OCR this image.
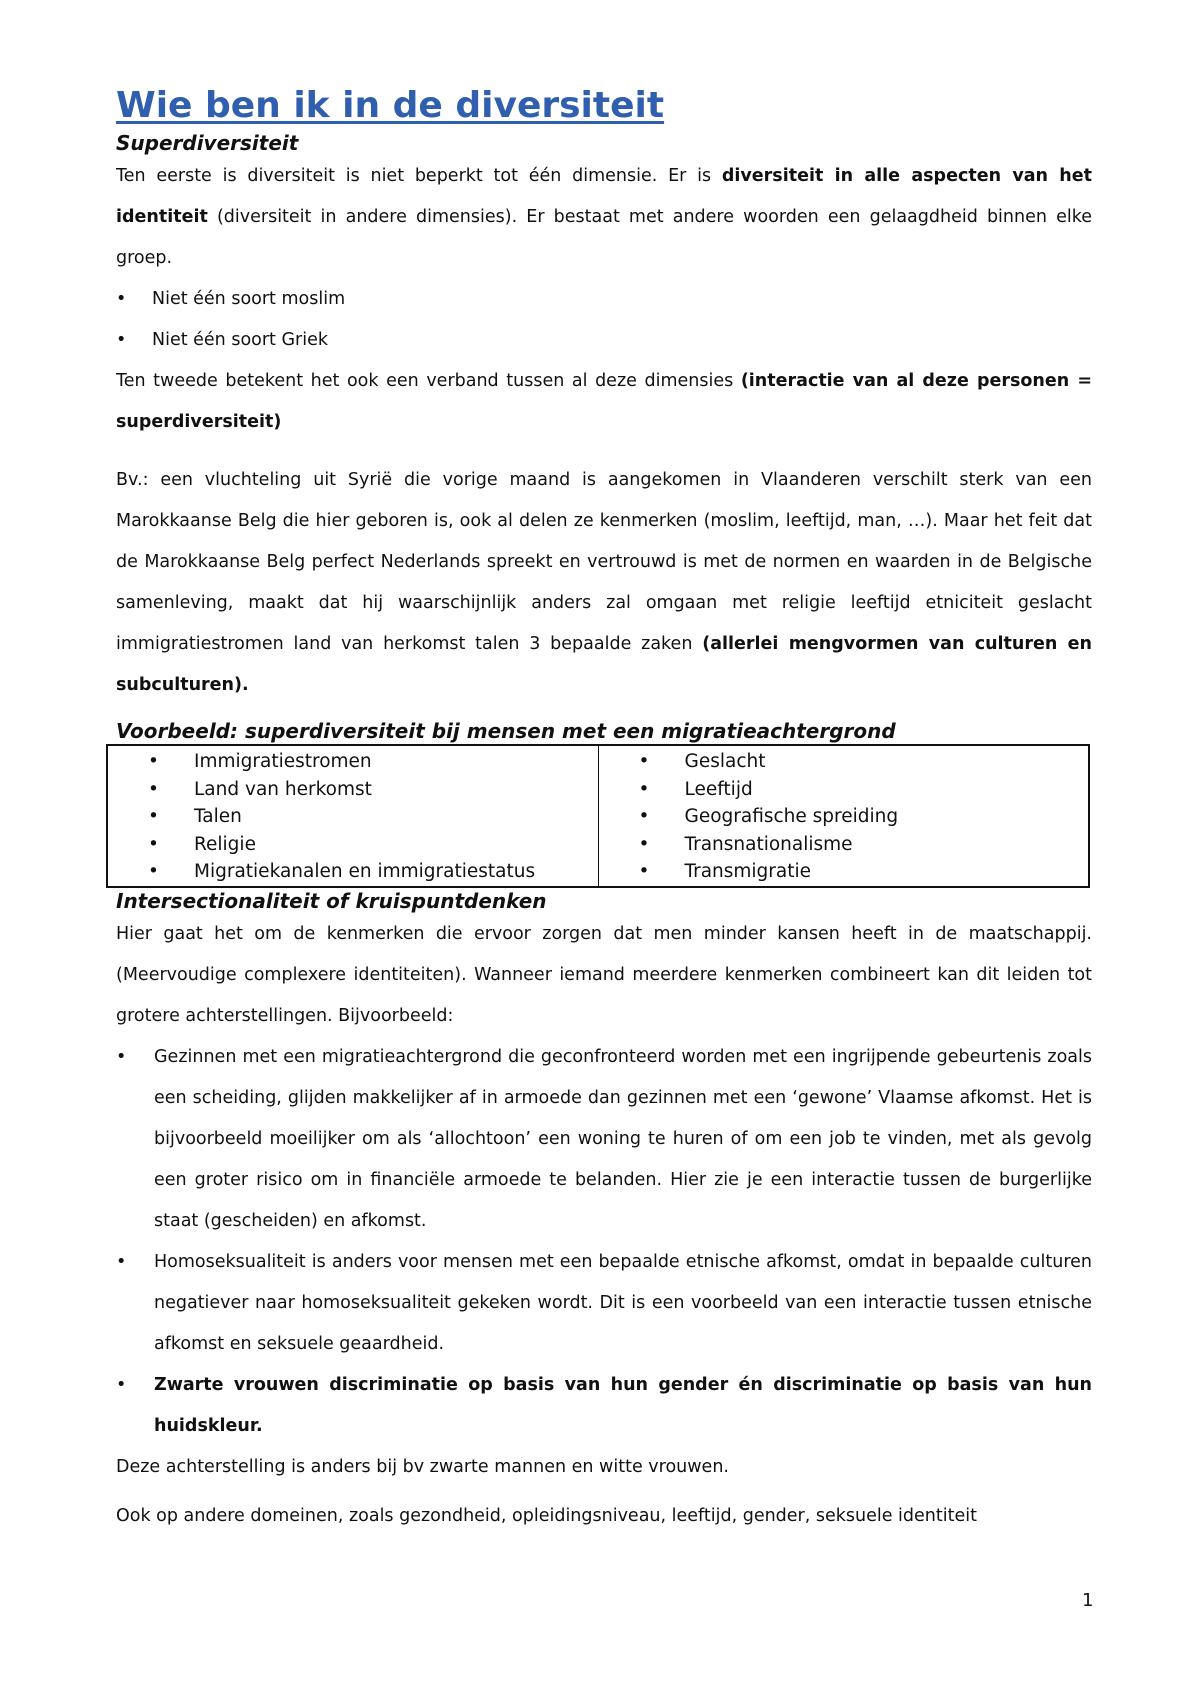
Wie ben ik in de diversiteit

Superdiversiteit

Ten eerste is diversiteit is niet beperkt tot één dimensie. Er is diversiteit in alle aspecten van het identiteit (diversiteit in andere dimensies). Er bestaat met andere woorden een gelaagdheid binnen elke groep.

•	Niet één soort moslim
•	Niet één soort Griek

Ten tweede betekent het ook een verband tussen al deze dimensies (interactie van al deze personen = superdiversiteit)

Bv.: een vluchteling uit Syrië die vorige maand is aangekomen in Vlaanderen verschilt sterk van een Marokkaanse Belg die hier geboren is, ook al delen ze kenmerken (moslim, leeftijd, man, …). Maar het feit dat de Marokkaanse Belg perfect Nederlands spreekt en vertrouwd is met de normen en waarden in de Belgische samenleving, maakt dat hij waarschijnlijk anders zal omgaan met religie leeftijd etniciteit geslacht immigratiestromen land van herkomst talen 3 bepaalde zaken (allerlei mengvormen van culturen en subculturen).

Voorbeeld: superdiversiteit bij mensen met een migratieachtergrond

•	Immigratiestromen
•	Land van herkomst
•	Talen
•	Religie
•	Migratiekanalen en immigratiestatus

•	Geslacht
•	Leeftijd
•	Geografische spreiding
•	Transnationalisme
•	Transmigratie

Intersectionaliteit of kruispuntdenken

Hier gaat het om de kenmerken die ervoor zorgen dat men minder kansen heeft in de maatschappij. (Meervoudige complexere identiteiten). Wanneer iemand meerdere kenmerken combineert kan dit leiden tot grotere achterstellingen. Bijvoorbeeld:

•	Gezinnen met een migratieachtergrond die geconfronteerd worden met een ingrijpende gebeurtenis zoals een scheiding, glijden makkelijker af in armoede dan gezinnen met een ‘gewone’ Vlaamse afkomst. Het is bijvoorbeeld moeilijker om als ‘allochtoon’ een woning te huren of om een job te vinden, met als gevolg een groter risico om in financiële armoede te belanden. Hier zie je een interactie tussen de burgerlijke staat (gescheiden) en afkomst.
•	Homoseksualiteit is anders voor mensen met een bepaalde etnische afkomst, omdat in bepaalde culturen negatiever naar homoseksualiteit gekeken wordt. Dit is een voorbeeld van een interactie tussen etnische afkomst en seksuele geaardheid.
•	Zwarte vrouwen discriminatie op basis van hun gender én discriminatie op basis van hun huidskleur.

Deze achterstelling is anders bij bv zwarte mannen en witte vrouwen.

Ook op andere domeinen, zoals gezondheid, opleidingsniveau, leeftijd, gender, seksuele identiteit

1
